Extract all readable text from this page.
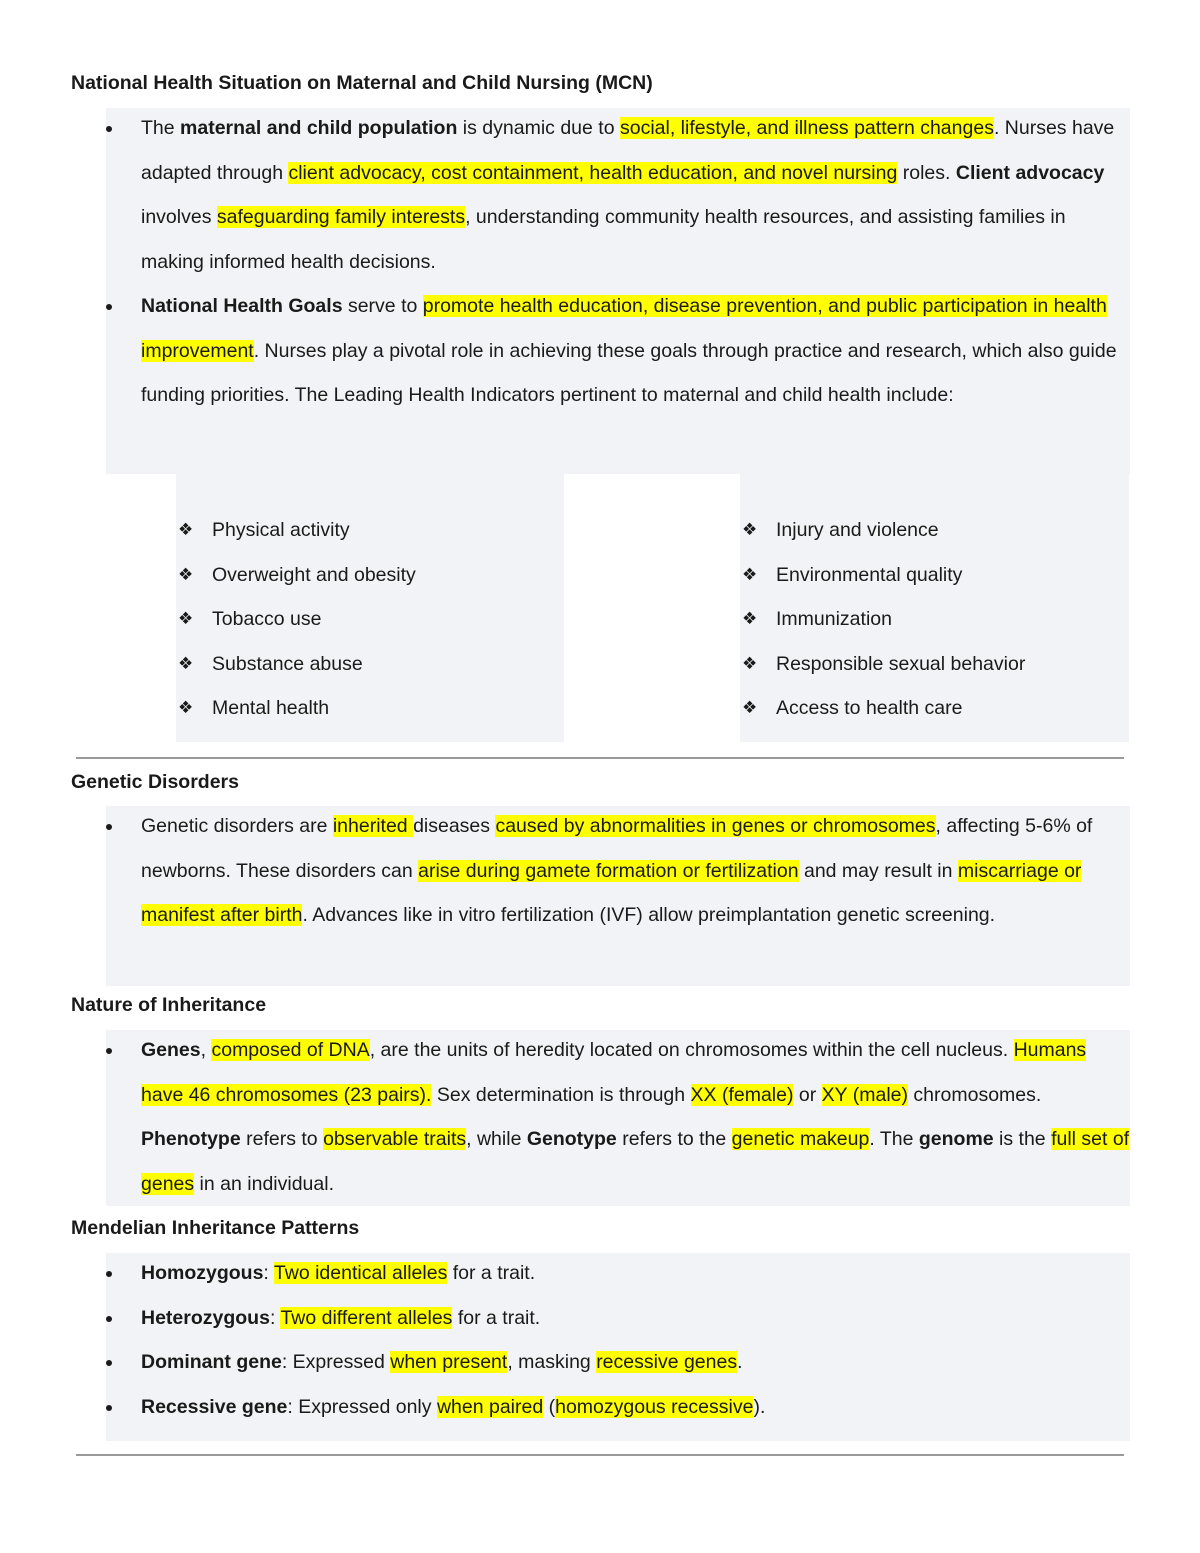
National Health Situation on Maternal and Child Nursing (MCN)

The maternal and child population is dynamic due to social, lifestyle, and illness pattern changes. Nurses have adapted through client advocacy, cost containment, health education, and novel nursing roles. Client advocacy involves safeguarding family interests, understanding community health resources, and assisting families in making informed health decisions.

National Health Goals serve to promote health education, disease prevention, and public participation in health improvement. Nurses play a pivotal role in achieving these goals through practice and research, which also guide funding priorities. The Leading Health Indicators pertinent to maternal and child health include:

❖ Physical activity
❖ Overweight and obesity
❖ Tobacco use
❖ Substance abuse
❖ Mental health
❖ Injury and violence
❖ Environmental quality
❖ Immunization
❖ Responsible sexual behavior
❖ Access to health care
Genetic Disorders

Genetic disorders are inherited diseases caused by abnormalities in genes or chromosomes, affecting 5-6% of newborns. These disorders can arise during gamete formation or fertilization and may result in miscarriage or manifest after birth. Advances like in vitro fertilization (IVF) allow preimplantation genetic screening.

Nature of Inheritance

Genes, composed of DNA, are the units of heredity located on chromosomes within the cell nucleus. Humans have 46 chromosomes (23 pairs). Sex determination is through XX (female) or XY (male) chromosomes. Phenotype refers to observable traits, while Genotype refers to the genetic makeup. The genome is the full set of genes in an individual.

Mendelian Inheritance Patterns

Homozygous: Two identical alleles for a trait.

Heterozygous: Two different alleles for a trait.

Dominant gene: Expressed when present, masking recessive genes.

Recessive gene: Expressed only when paired (homozygous recessive).
